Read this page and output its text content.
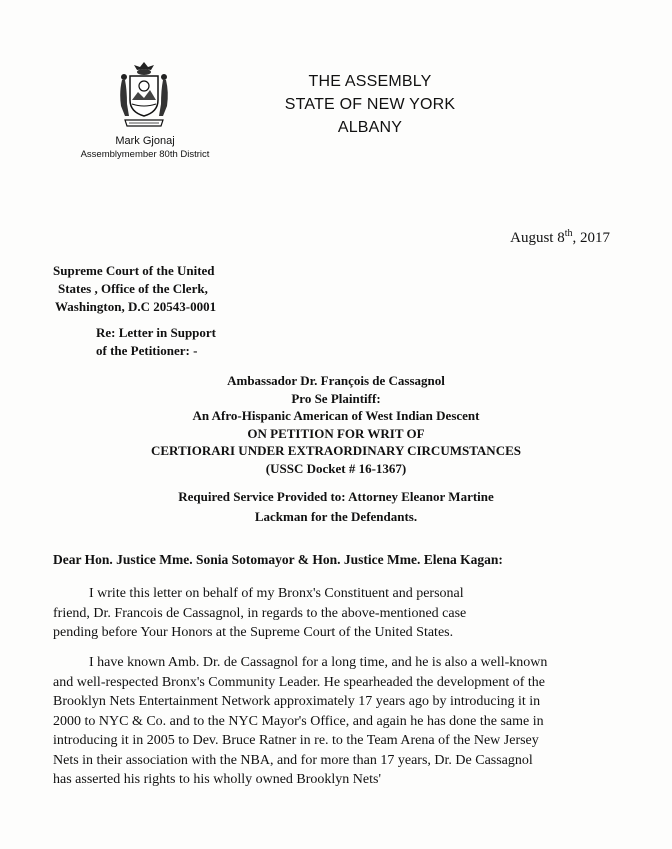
Mark Gjonaj
Assemblymember 80th District
THE ASSEMBLY
STATE OF NEW YORK
ALBANY
August 8th, 2017
Supreme Court of the United
States , Office of the Clerk,
Washington, D.C 20543-0001
Re: Letter in Support
of the Petitioner: -
Ambassador Dr. François de Cassagnol
Pro Se Plaintiff:
An Afro-Hispanic American of West Indian Descent
ON PETITION FOR WRIT OF
CERTIORARI UNDER EXTRAORDINARY CIRCUMSTANCES
(USSC Docket # 16-1367)
Required Service Provided to: Attorney Eleanor Martine
Lackman for the Defendants.
Dear Hon. Justice Mme. Sonia Sotomayor & Hon. Justice Mme. Elena Kagan:
I write this letter on behalf of my Bronx's Constituent and personal
friend, Dr. Francois de Cassagnol, in regards to the above-mentioned case
pending before Your Honors at the Supreme Court of the United States.
I have known Amb. Dr. de Cassagnol for a long time, and he is also a well-known
and well-respected Bronx's Community Leader. He spearheaded the development of the
Brooklyn Nets Entertainment Network approximately 17 years ago by introducing it in
2000 to NYC & Co. and to the NYC Mayor's Office, and again he has done the same in
introducing it in 2005 to Dev. Bruce Ratner in re. to the Team Arena of the New Jersey
Nets in their association with the NBA, and for more than 17 years, Dr. De Cassagnol
has asserted his rights to his wholly owned Brooklyn Nets'
